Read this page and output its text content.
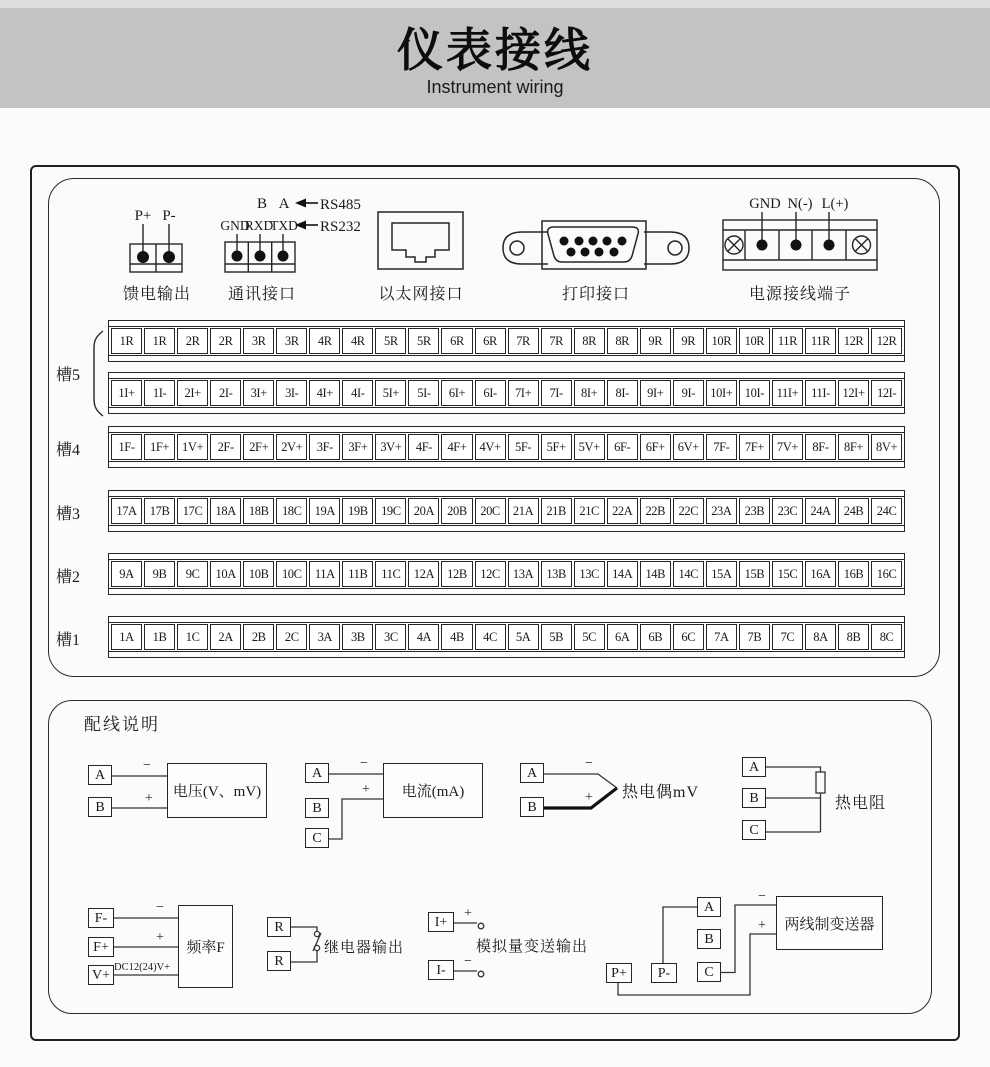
仪表接线
Instrument wiring
P+ P-
馈电输出
B A RS485
RS232
GND
RXD
TXD
通讯接口	以太网接口	打印接口
GND N(-) L(+)
电源接线端子
槽5
1R	1R	2R	2R	3R	3R	4R	4R	5R	5R	6R	6R	7R	7R	8R	8R	9R	9R	10R	10R	11R	11R	12R	12R
1I+	1I-	2I+	2I-	3I+	3I-	4I+	4I-	5I+	5I-	6I+	6I-	7I+	7I-	8I+	8I-	9I+	9I-	10I+ 10I-	11I+	11I-	12I+ 12I-
槽4	1F-	1F+	1V+	2F-	2F+	2V+	3F-	3F+	3V+	4F-	4F+	4V+	5F-	5F+	5V+	6F-	6F+	6V+	7F-	7F+	7V+	8F-	8F+	8V+
槽3	17A	17B	17C	18A	18B	18C	19A	19B	19C	20A	20B	20C	21A	21B	21C	22A	22B	22C	23A	23B	23C	24A	24B	24C
槽2	9A	9B	9C	10A	10B	10C	11A	11B	11C	12A	12B	12C	13A	13B	13C	14A	14B	14C	15A	15B	15C	16A	16B	16C
槽1	1A	1B	1C	2A	2B	2C	3A	3B	3C	4A	4B	4C	5A	5B	5C	6A	6B	6C	7A	7B	7C	8A	8B	8C
配线说明
A
B
−
+	电压(V、mV)
A
B
C
−
+	电流(mA)
A
B
−
+ 热电偶mV
A
B
C
热电阻
F-
F+
V+
−
+
DC12(24)V+
频率F
R
R
继电器输出
I+
I-
+
−
模拟量变送输出
A
B
C
P+	P-
−
+	两线制变送器
